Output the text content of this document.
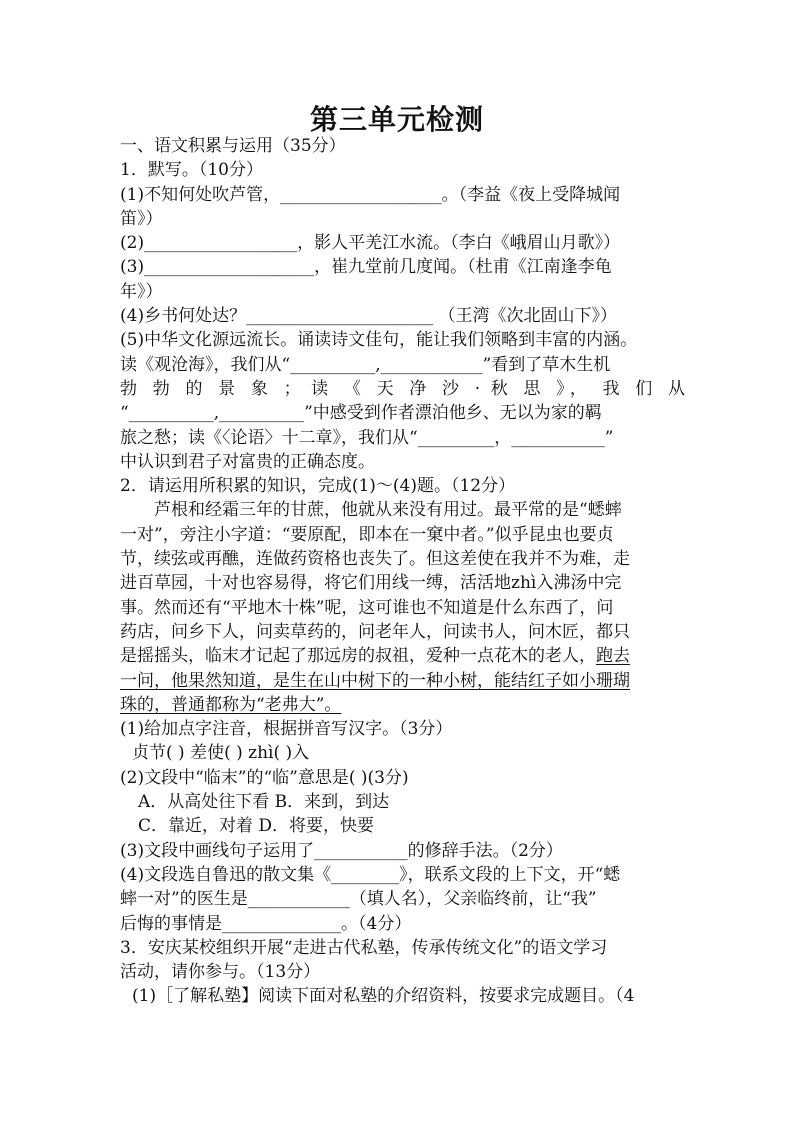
第三单元检测
一、语文积累与运用（35分）
1．默写。（10分）
(1)不知何处吹芦管，___________________。（李益《夜上受降城闻
笛》）
(2)__________________，影人平羌江水流。（李白《峨眉山月歌》）
(3)____________________，崔九堂前几度闻。（杜甫《江南逢李龟
年》）
(4)乡书何处达？______________________ （王湾《次北固山下》）
(5)中华文化源远流长。诵读诗文佳句，能让我们领略到丰富的内涵。
读《观沧海》，我们从“__________,____________”看到了草木生机
勃 勃 的 景 象 ； 读 《 天 净 沙 · 秋 思 》， 我 们 从
“__________,__________”中感受到作者漂泊他乡、无以为家的羁
旅之愁；读《〈论语〉十二章》，我们从“_________，___________”
中认识到君子对富贵的正确态度。
2．请运用所积累的知识，完成(1)～(4)题。（12分）
芦根和经霜三年的甘蔗，他就从来没有用过。最平常的是“蟋蟀
一对”，旁注小字道：“要原配，即本在一窠中者。”似乎昆虫也要贞
节，续弦或再醮，连做药资格也丧失了。但这差使在我并不为难，走
进百草园，十对也容易得，将它们用线一缚，活活地zhì入沸汤中完
事。然而还有“平地木十株”呢，这可谁也不知道是什么东西了，问
药店，问乡下人，问卖草药的，问老年人，问读书人，问木匠，都只
是摇摇头，临末才记起了那远房的叔祖，爱种一点花木的老人，跑去
一问，他果然知道，是生在山中树下的一种小树，能结红子如小珊瑚
珠的，普通都称为“老弗大”。
(1)给加点字注音，根据拼音写汉字。（3分）
贞节( ) 差使( ) zhì( )入
(2)文段中“临末”的“临”意思是( )(3分)
A．从高处往下看 B．来到，到达
C．靠近，对着 D．将要，快要
(3)文段中画线句子运用了___________的修辞手法。（2分）
(4)文段选自鲁迅的散文集《________》，联系文段的上下文，开“蟋
蟀一对”的医生是____________（填人名），父亲临终前，让“我”
后悔的事情是______________。（4分）
3．安庆某校组织开展“走进古代私塾，传承传统文化”的语文学习
活动，请你参与。（13分）
(1)［了解私塾】阅读下面对私塾的介绍资料，按要求完成题目。（4
